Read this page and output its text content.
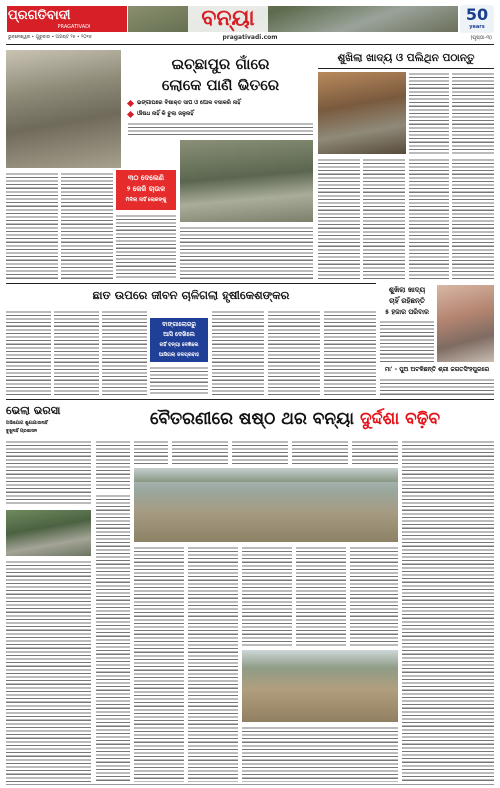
ପ୍ରଗତିବାଦୀ
PRAGATIVADI	ବନ୍ୟା	50
years
ଭୁବନେଶ୍ୱର • ଗୁରୁବାର • ଅଗଷ୍ଟ ୨୫ • ୨୦୧୬	pragativadi.com	(ପୃଷ୍ଠା-୩)
ଇଚ୍ଛାପୁର ଗାଁରେ
ଲୋକେ ପାଣି ଭିତରେ
ଭଙ୍ଗାଘରେ ବିଷାକ୍ତ ସାପ ଓ ପୋକ ବସାକରି ନାହିଁ
ଔଷଧ ନାହିଁ କି ଚୁଲା ଜଳୁନାହିଁ
୩୦ ଦେଲେଣି
୨ କେଜି ଚାଉଳ
ମିଳିଲା ନାହିଁ ଲୋକଙ୍କୁ
ଶୁଖିଲା ଖାଦ୍ୟ ଓ ପଲିଥିନ ପଠାନ୍ତୁ
ଛାତ ଉପରେ ଜୀବନ ଚାଳିଗଲା ହୃଷୀକେଶଙ୍କର
ବାଙ୍ଗାଲୋରରୁ
ଆସି ଦେଖିଲେ
ନାହିଁ ବନ୍ୟା ଦେଖିଲେ
ଆସିଗଲା ଜଳପ୍ରବାହ
ଶୁଖିଲା ଖାଦ୍ୟ
ଚାହିଁ ରହିଛନ୍ତି
୫ ହଜାର ପରିବାର
ମା' - ପୁଅ ଅଟକିଛନ୍ତି ଶ୍ରୀ ଜଗତସିଂହପୁରରେ
ଭେଲା ଭରସା
ଅଭିଯୋଗ ଶୁଣାଯାଉନାହିଁ
ବୁଝୁନାହିଁ ପ୍ରଶାସନ
ବୈତରଣୀରେ ଷଷ୍ଠ ଥର ବନ୍ୟା ଦୁର୍ଦ୍ଦଶା ବଢ଼ିବ
